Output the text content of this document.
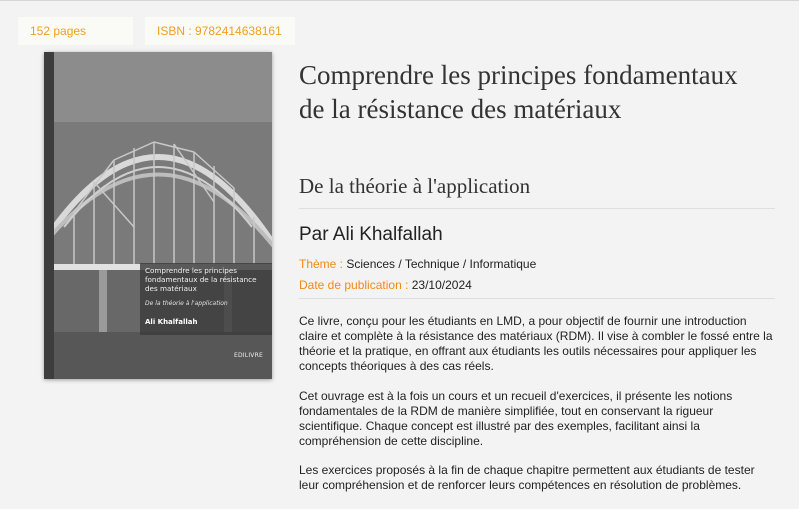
152 pages	ISBN : 9782414638161
Comprendre les principes fondamentaux de la résistance des matériaux
De la théorie à l'application
Ali Khalfallah
EDILIVRE
Comprendre les principes fondamentaux de la résistance des matériaux
De la théorie à l'application
Par Ali Khalfallah
Thème : Sciences / Technique / Informatique
Date de publication : 23/10/2024

Ce livre, conçu pour les étudiants en LMD, a pour objectif de fournir une introduction claire et complète à la résistance des matériaux (RDM). Il vise à combler le fossé entre la théorie et la pratique, en offrant aux étudiants les outils nécessaires pour appliquer les concepts théoriques à des cas réels.

Cet ouvrage est à la fois un cours et un recueil d'exercices, il présente les notions fondamentales de la RDM de manière simplifiée, tout en conservant la rigueur scientifique. Chaque concept est illustré par des exemples, facilitant ainsi la compréhension de cette discipline.

Les exercices proposés à la fin de chaque chapitre permettent aux étudiants de tester leur compréhension et de renforcer leurs compétences en résolution de problèmes.
